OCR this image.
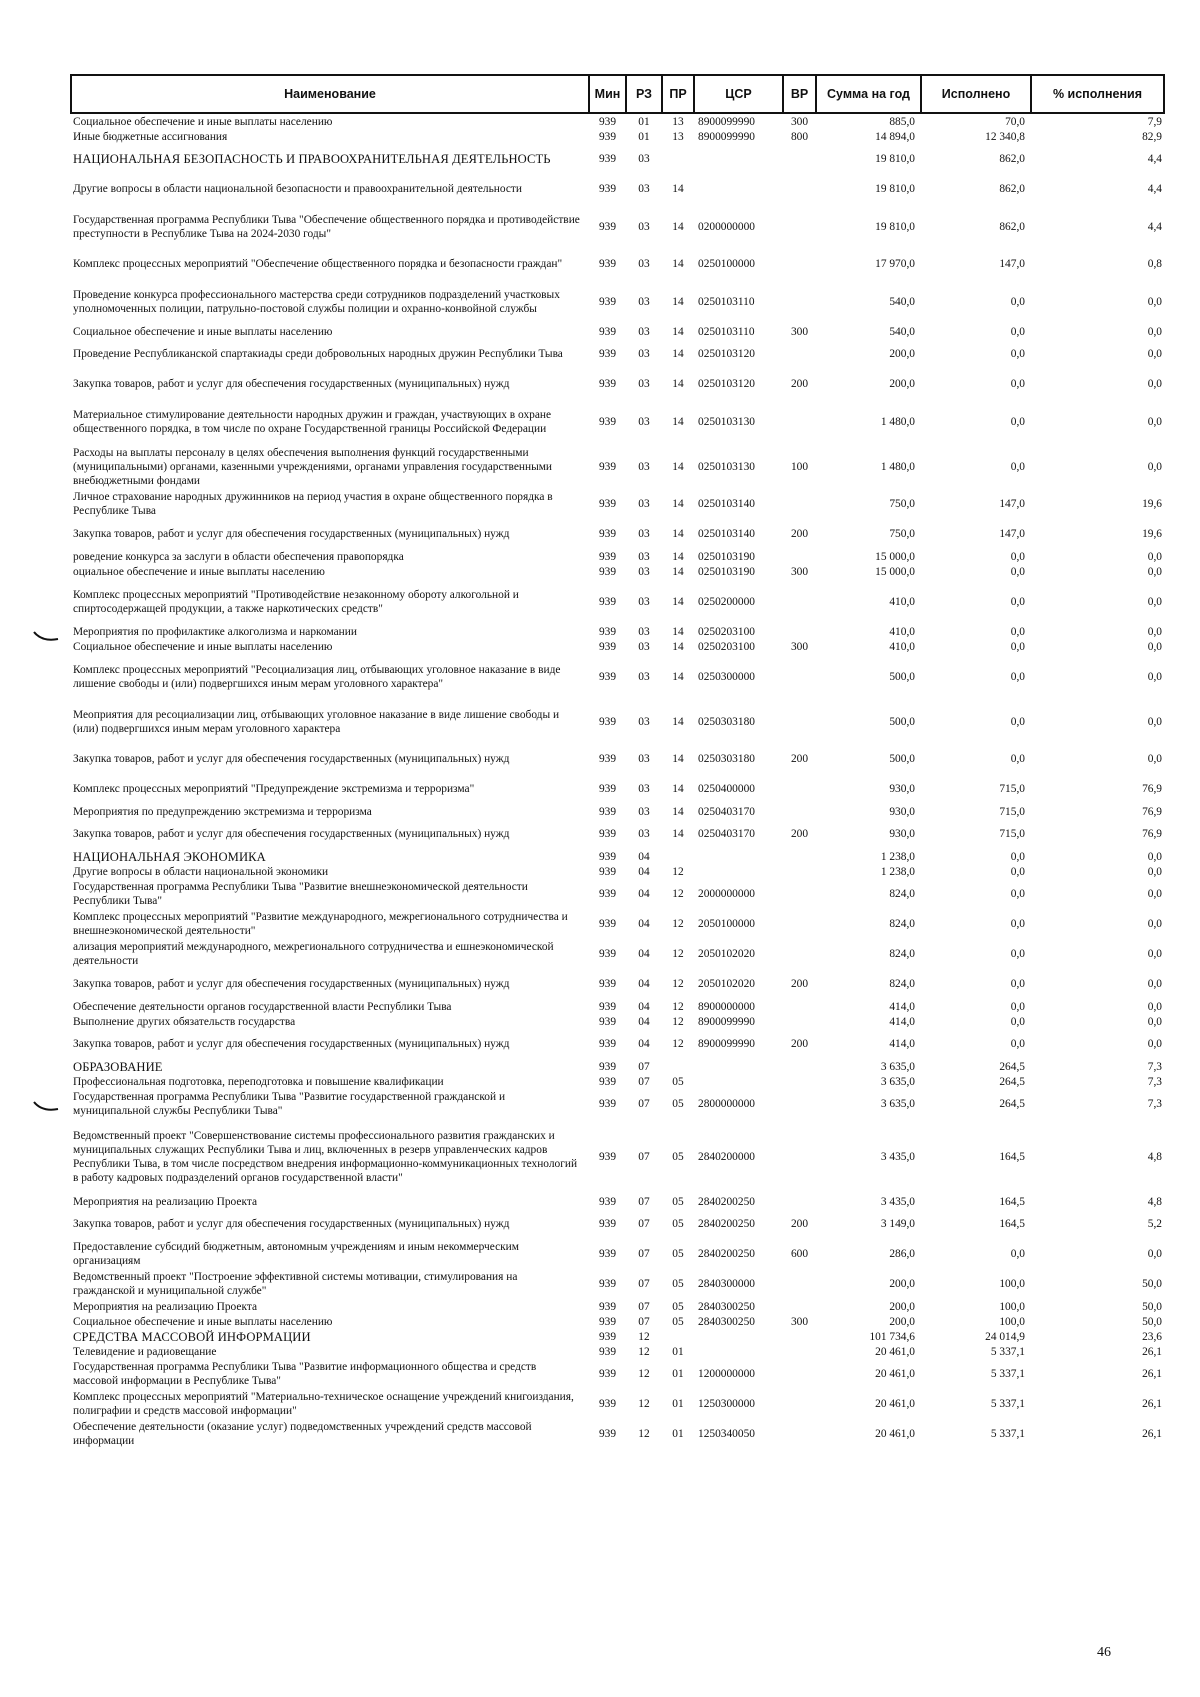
Наименование	Мин	РЗ	ПР	ЦСР	ВР	Сумма на год	Исполнено	% исполнения
Социальное обеспечение и иные выплаты населению	939	01	13	8900099990	300	885,0	70,0	7,9
Иные бюджетные ассигнования	939	01	13	8900099990	800	14 894,0	12 340,8	82,9
НАЦИОНАЛЬНАЯ БЕЗОПАСНОСТЬ И ПРАВООХРАНИТЕЛЬНАЯ ДЕЯТЕЛЬНОСТЬ	939	03				19 810,0	862,0	4,4
Другие вопросы в области национальной безопасности и правоохранительной деятельности	939	03	14			19 810,0	862,0	4,4
Государственная программа Республики Тыва "Обеспечение общественного порядка и противодействие преступности в Республике Тыва на 2024-2030 годы"	939	03	14	0200000000		19 810,0	862,0	4,4
Комплекс процессных мероприятий "Обеспечение общественного порядка и безопасности граждан"	939	03	14	0250100000		17 970,0	147,0	0,8
Проведение конкурса профессионального мастерства среди сотрудников подразделений участковых уполномоченных полиции, патрульно-постовой службы полиции и охранно-конвойной службы	939	03	14	0250103110		540,0	0,0	0,0
Социальное обеспечение и иные выплаты населению	939	03	14	0250103110	300	540,0	0,0	0,0
Проведение Республиканской спартакиады среди добровольных народных дружин Республики Тыва	939	03	14	0250103120		200,0	0,0	0,0
Закупка товаров, работ и услуг для обеспечения государственных (муниципальных) нужд	939	03	14	0250103120	200	200,0	0,0	0,0
Материальное стимулирование деятельности народных дружин и граждан, участвующих в охране общественного порядка, в том числе по охране Государственной границы Российской Федерации	939	03	14	0250103130		1 480,0	0,0	0,0
Расходы на выплаты персоналу в целях обеспечения выполнения функций государственными (муниципальными) органами, казенными учреждениями, органами управления государственными внебюджетными фондами	939	03	14	0250103130	100	1 480,0	0,0	0,0
Личное страхование народных дружинников на период участия в охране общественного порядка в Республике Тыва	939	03	14	0250103140		750,0	147,0	19,6
Закупка товаров, работ и услуг для обеспечения государственных (муниципальных) нужд	939	03	14	0250103140	200	750,0	147,0	19,6
роведение конкурса за заслуги в области обеспечения правопорядка	939	03	14	0250103190		15 000,0	0,0	0,0
оциальное обеспечение и иные выплаты населению	939	03	14	0250103190	300	15 000,0	0,0	0,0
Комплекс процессных мероприятий "Противодействие незаконному обороту алкогольной и спиртосодержащей продукции, а также наркотических средств"	939	03	14	0250200000		410,0	0,0	0,0
Мероприятия по профилактике алкоголизма и наркомании	939	03	14	0250203100		410,0	0,0	0,0
Социальное обеспечение и иные выплаты населению	939	03	14	0250203100	300	410,0	0,0	0,0
Комплекс процессных мероприятий "Ресоциализация лиц, отбывающих уголовное наказание в виде лишение свободы и (или) подвергшихся иным мерам уголовного характера"	939	03	14	0250300000		500,0	0,0	0,0
Меоприятия для ресоциализации лиц, отбывающих уголовное наказание в виде лишение свободы и (или) подвергшихся иным мерам уголовного характера	939	03	14	0250303180		500,0	0,0	0,0
Закупка товаров, работ и услуг для обеспечения государственных (муниципальных) нужд	939	03	14	0250303180	200	500,0	0,0	0,0
Комплекс процессных мероприятий "Предупреждение экстремизма и терроризма"	939	03	14	0250400000		930,0	715,0	76,9
Мероприятия по предупреждению экстремизма и терроризма	939	03	14	0250403170		930,0	715,0	76,9
Закупка товаров, работ и услуг для обеспечения государственных (муниципальных) нужд	939	03	14	0250403170	200	930,0	715,0	76,9
НАЦИОНАЛЬНАЯ ЭКОНОМИКА	939	04				1 238,0	0,0	0,0
Другие вопросы в области национальной экономики	939	04	12			1 238,0	0,0	0,0
Государственная программа Республики Тыва "Развитие внешнеэкономической деятельности Республики Тыва"	939	04	12	2000000000		824,0	0,0	0,0
Комплекс процессных мероприятий "Развитие международного, межрегионального сотрудничества и внешнеэкономической деятельности"	939	04	12	2050100000		824,0	0,0	0,0
ализация мероприятий международного, межрегионального сотрудничества и ешнеэкономической деятельности	939	04	12	2050102020		824,0	0,0	0,0
Закупка товаров, работ и услуг для обеспечения государственных (муниципальных) нужд	939	04	12	2050102020	200	824,0	0,0	0,0
Обеспечение деятельности органов государственной власти Республики Тыва	939	04	12	8900000000		414,0	0,0	0,0
Выполнение других обязательств государства	939	04	12	8900099990		414,0	0,0	0,0
Закупка товаров, работ и услуг для обеспечения государственных (муниципальных) нужд	939	04	12	8900099990	200	414,0	0,0	0,0
ОБРАЗОВАНИЕ	939	07				3 635,0	264,5	7,3
Профессиональная подготовка, переподготовка и повышение квалификации	939	07	05			3 635,0	264,5	7,3
Государственная программа Республики Тыва "Развитие государственной гражданской и муниципальной службы Республики Тыва"	939	07	05	2800000000		3 635,0	264,5	7,3
Ведомственный проект "Совершенствование системы профессионального развития гражданских и муниципальных служащих Республики Тыва и лиц, включенных в резерв управленческих кадров Республики Тыва, в том числе посредством внедрения информационно-коммуникационных технологий в работу кадровых подразделений органов государственной власти"	939	07	05	2840200000		3 435,0	164,5	4,8
Мероприятия на реализацию Проекта	939	07	05	2840200250		3 435,0	164,5	4,8
Закупка товаров, работ и услуг для обеспечения государственных (муниципальных) нужд	939	07	05	2840200250	200	3 149,0	164,5	5,2
Предоставление субсидий бюджетным, автономным учреждениям и иным некоммерческим организациям	939	07	05	2840200250	600	286,0	0,0	0,0
Ведомственный проект "Построение эффективной системы мотивации, стимулирования на гражданской и муниципальной службе"	939	07	05	2840300000		200,0	100,0	50,0
Мероприятия на реализацию Проекта	939	07	05	2840300250		200,0	100,0	50,0
Социальное обеспечение и иные выплаты населению	939	07	05	2840300250	300	200,0	100,0	50,0
СРЕДСТВА МАССОВОЙ ИНФОРМАЦИИ	939	12				101 734,6	24 014,9	23,6
Телевидение и радиовещание	939	12	01			20 461,0	5 337,1	26,1
Государственная программа Республики Тыва "Развитие информационного общества и средств массовой информации в Республике Тыва"	939	12	01	1200000000		20 461,0	5 337,1	26,1
Комплекс процессных мероприятий "Материально-техническое оснащение учреждений книгоиздания, полиграфии и средств массовой информации"	939	12	01	1250300000		20 461,0	5 337,1	26,1
Обеспечение деятельности (оказание услуг) подведомственных учреждений средств массовой информации	939	12	01	1250340050		20 461,0	5 337,1	26,1
46
